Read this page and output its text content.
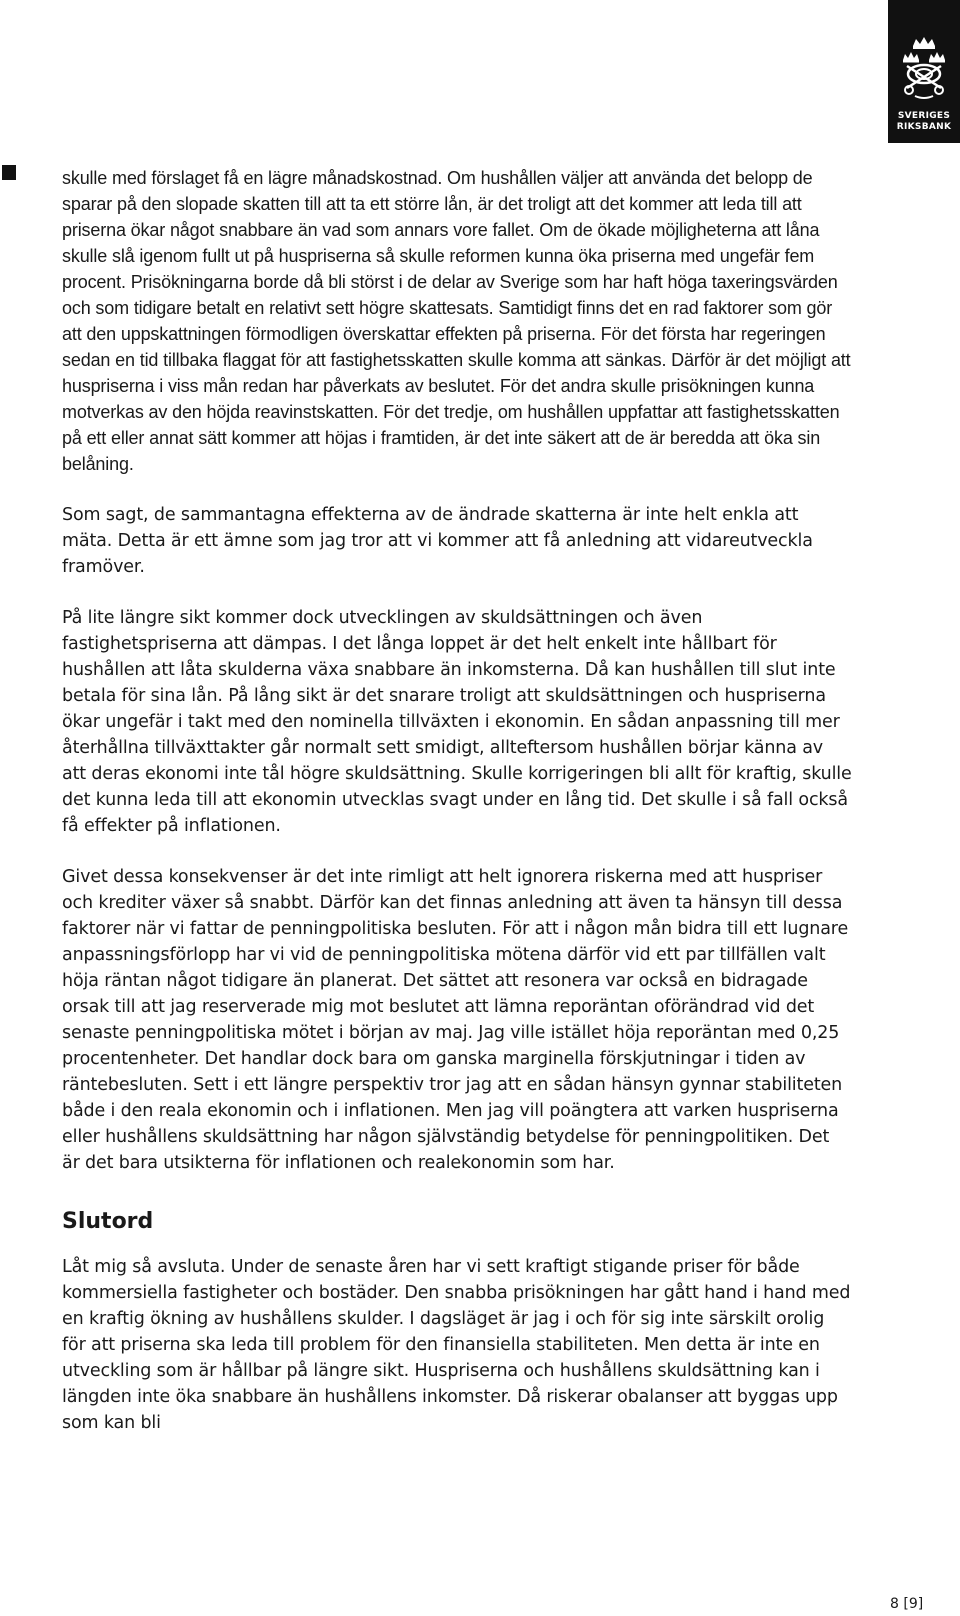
SVERIGES
RIKSBANK

skulle med förslaget få en lägre månadskostnad. Om hushållen väljer att använda det belopp de sparar på den slopade skatten till att ta ett större lån, är det troligt att det kommer att leda till att priserna ökar något snabbare än vad som annars vore fallet. Om de ökade möjligheterna att låna skulle slå igenom fullt ut på huspriserna så skulle reformen kunna öka priserna med ungefär fem procent. Prisökningarna borde då bli störst i de delar av Sverige som har haft höga taxeringsvärden och som tidigare betalt en relativt sett högre skattesats. Samtidigt finns det en rad faktorer som gör att den uppskattningen förmodligen överskattar effekten på priserna. För det första har regeringen sedan en tid tillbaka flaggat för att fastighetsskatten skulle komma att sänkas. Därför är det möjligt att huspriserna i viss mån redan har påverkats av beslutet. För det andra skulle prisökningen kunna motverkas av den höjda reavinstskatten. För det tredje, om hushållen uppfattar att fastighetsskatten på ett eller annat sätt kommer att höjas i framtiden, är det inte säkert att de är beredda att öka sin belåning.

Som sagt, de sammantagna effekterna av de ändrade skatterna är inte helt enkla att mäta. Detta är ett ämne som jag tror att vi kommer att få anledning att vidareutveckla framöver.

På lite längre sikt kommer dock utvecklingen av skuldsättningen och även fastighetspriserna att dämpas. I det långa loppet är det helt enkelt inte hållbart för hushållen att låta skulderna växa snabbare än inkomsterna. Då kan hushållen till slut inte betala för sina lån. På lång sikt är det snarare troligt att skuldsättningen och huspriserna ökar ungefär i takt med den nominella tillväxten i ekonomin. En sådan anpassning till mer återhållna tillväxttakter går normalt sett smidigt, allteftersom hushållen börjar känna av att deras ekonomi inte tål högre skuldsättning. Skulle korrigeringen bli allt för kraftig, skulle det kunna leda till att ekonomin utvecklas svagt under en lång tid. Det skulle i så fall också få effekter på inflationen.

Givet dessa konsekvenser är det inte rimligt att helt ignorera riskerna med att huspriser och krediter växer så snabbt. Därför kan det finnas anledning att även ta hänsyn till dessa faktorer när vi fattar de penningpolitiska besluten. För att i någon mån bidra till ett lugnare anpassningsförlopp har vi vid de penningpolitiska mötena därför vid ett par tillfällen valt höja räntan något tidigare än planerat. Det sättet att resonera var också en bidragade orsak till att jag reserverade mig mot beslutet att lämna reporäntan oförändrad vid det senaste penningpolitiska mötet i början av maj. Jag ville istället höja reporäntan med 0,25 procentenheter. Det handlar dock bara om ganska marginella förskjutningar i tiden av räntebesluten. Sett i ett längre perspektiv tror jag att en sådan hänsyn gynnar stabiliteten både i den reala ekonomin och i inflationen. Men jag vill poängtera att varken huspriserna eller hushållens skuldsättning har någon självständig betydelse för penningpolitiken. Det är det bara utsikterna för inflationen och realekonomin som har.

Slutord

Låt mig så avsluta. Under de senaste åren har vi sett kraftigt stigande priser för både kommersiella fastigheter och bostäder. Den snabba prisökningen har gått hand i hand med en kraftig ökning av hushållens skulder. I dagsläget är jag i och för sig inte särskilt orolig för att priserna ska leda till problem för den finansiella stabiliteten. Men detta är inte en utveckling som är hållbar på längre sikt. Huspriserna och hushållens skuldsättning kan i längden inte öka snabbare än hushållens inkomster. Då riskerar obalanser att byggas upp som kan bli

8 [9]
